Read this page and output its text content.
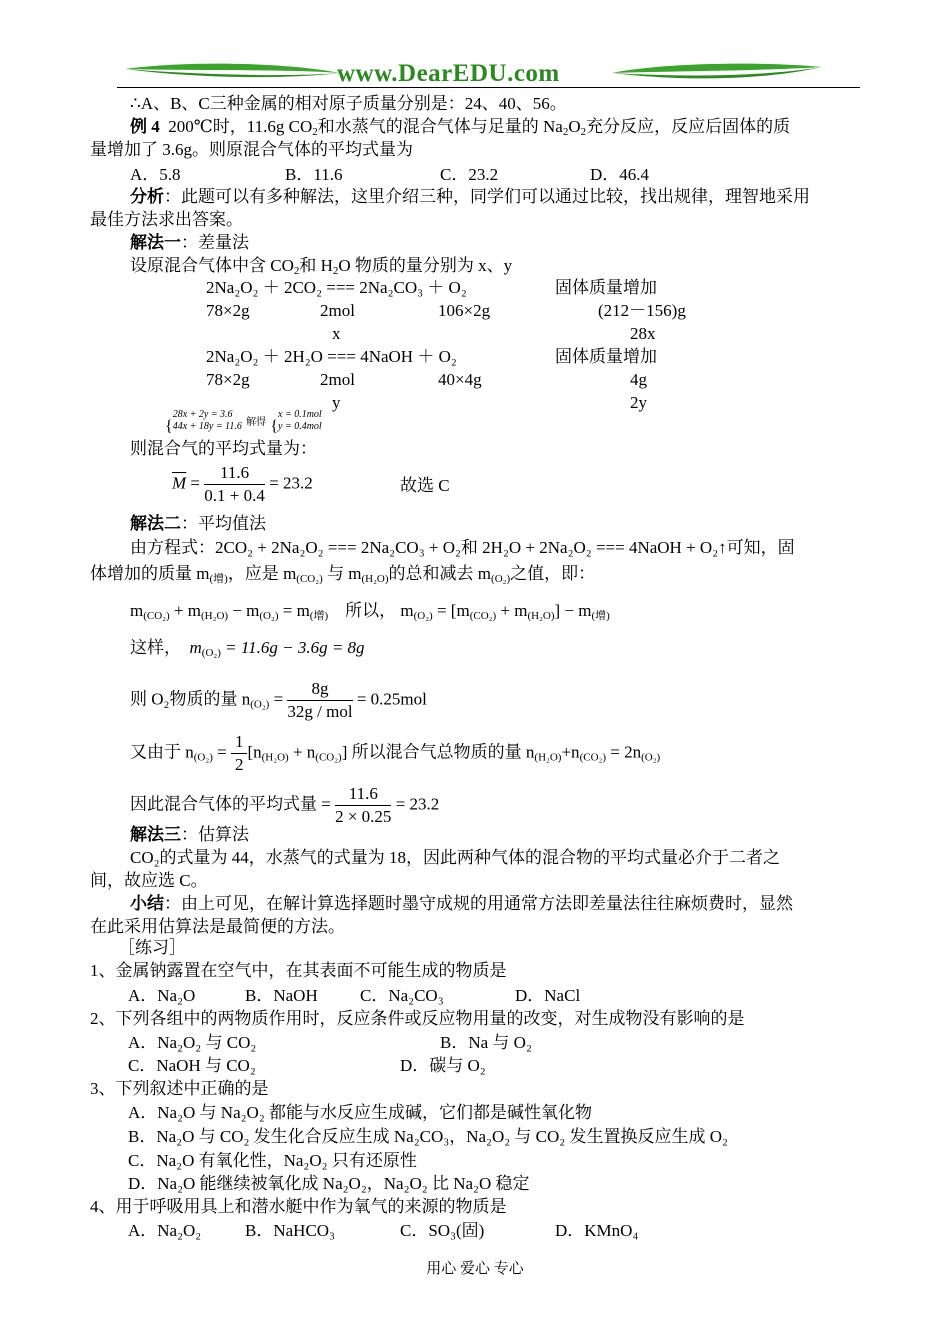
www.DearEDU.com
∴A、B、C三种金属的相对原子质量分别是：24、40、56。
例 4 200℃时，11.6g $CO_2$和水蒸气的混合气体与足量的 $Na_2O_2$充分反应，反应后固体的质
量增加了 3.6g。则原混合气体的平均式量为
A．5.8	B．11.6	C．23.2	D．46.4
分析：此题可以有多种解法，这里介绍三种，同学们可以通过比较，找出规律，理智地采用
最佳方法求出答案。
解法一：差量法
设原混合气体中含 $CO_2$和 $H_2O$ 物质的量分别为 x、y
2Na₂O₂ ＋ 2CO₂ === 2Na₂CO₃ ＋ O₂	固体质量增加
78×2g	2mol	106×2g	(212－156)g
x	28x
2Na₂O₂ ＋ 2H₂O === 4NaOH ＋ O₂	固体质量增加
78×2g	2mol	40×4g	4g
y	2y
{28x + 2y = 3.6
44x + 18y = 11.6 解得 {x = 0.1mol
y = 0.4mol
则混合气的平均式量为：
$\overline{M} = \frac{11.6}{0.1 + 0.4} = 23.2$	故选 C
解法二：平均值法
由方程式：2CO₂ + 2Na₂O₂ === 2Na₂CO₃ + O₂和 2H₂O + 2Na₂O₂ === 4NaOH + O₂↑可知，固
体增加的质量 $m_{(增)}$，应是 $m_{(CO_2)}$ 与 $m_{(H_2O)}$的总和减去 $m_{(O_2)}$之值，即：
$m_{(CO_2)} + m_{(H_2O)} - m_{(O_2)} = m_{(增)}$ 所以， $m_{(O_2)} = [m_{(CO_2)} + m_{(H_2O)}] - m_{(增)}$
这样， $m_{(O_2)} = 11.6g - 3.6g = 8g$
则 O₂物质的量 $n_{(O_2)} = \frac{8g}{\text{32g / mol}} = 0.25mol$
又由于 $n_{(O_2)} = \frac{1}{2} [n_{(H_2O)} + n_{(CO_2)}]$ 所以混合气总物质的量 $n_{(H_2O)}+n_{(CO_2)} = 2n_{(O_2)}$
因此混合气体的平均式量 = $\frac{11.6}{2 \times 0.25} = 23.2$
解法三：估算法
CO₂的式量为 44，水蒸气的式量为 18，因此两种气体的混合物的平均式量必介于二者之
间，故应选 C。
小结：由上可见，在解计算选择题时墨守成规的用通常方法即差量法往往麻烦费时，显然
在此采用估算法是最简便的方法。
［练习］
1、金属钠露置在空气中，在其表面不可能生成的物质是
A．Na₂O	B．NaOH C．Na₂CO₃	D．NaCl
2、下列各组中的两物质作用时，反应条件或反应物用量的改变，对生成物没有影响的是
A．Na₂O₂ 与 CO₂	B．Na 与 O₂
C．NaOH 与 CO₂	D．碳与 O₂
3、下列叙述中正确的是
A．Na₂O 与 Na₂O₂ 都能与水反应生成碱，它们都是碱性氧化物
B．Na₂O 与 CO₂ 发生化合反应生成 Na₂CO₃，Na₂O₂ 与 CO₂ 发生置换反应生成 O₂
C．Na₂O 有氧化性，Na₂O₂ 只有还原性
D．Na₂O 能继续被氧化成 Na₂O₂，Na₂O₂ 比 Na₂O 稳定
4、用于呼吸用具上和潜水艇中作为氧气的来源的物质是
A．Na₂O₂	B．NaHCO₃	C．SO₃(固)	D．KMnO₄
用心 爱心 专心
